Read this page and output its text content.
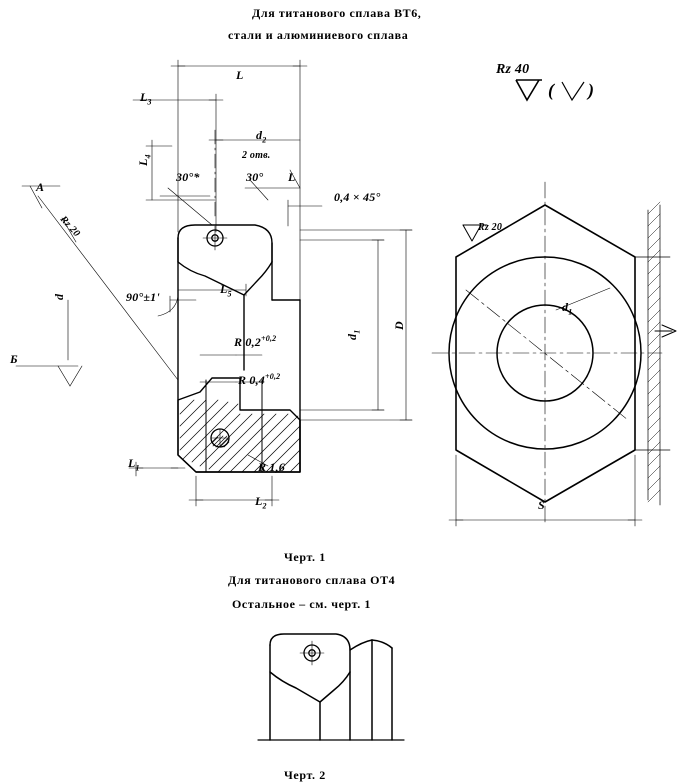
Для титанового сплава ВТ6,
стали и алюминиевого сплава
Rz 40
( )
L
$L_3$
$d_2$
2 отв.
$L_4$
30°*	30° L
0,4 × 45°
А
Rz 20
Б
d	90°±1'
$L_5$
R $0,2^{+0,2}$
R $0,4^{+0,2}$
$d_1$
D
$L_1$	R 1,6
$L_2$
Rz 20
$d_1$
S
Черт. 1
Для титанового сплава ОТ4
Остальное – см. черт. 1
Черт. 2
